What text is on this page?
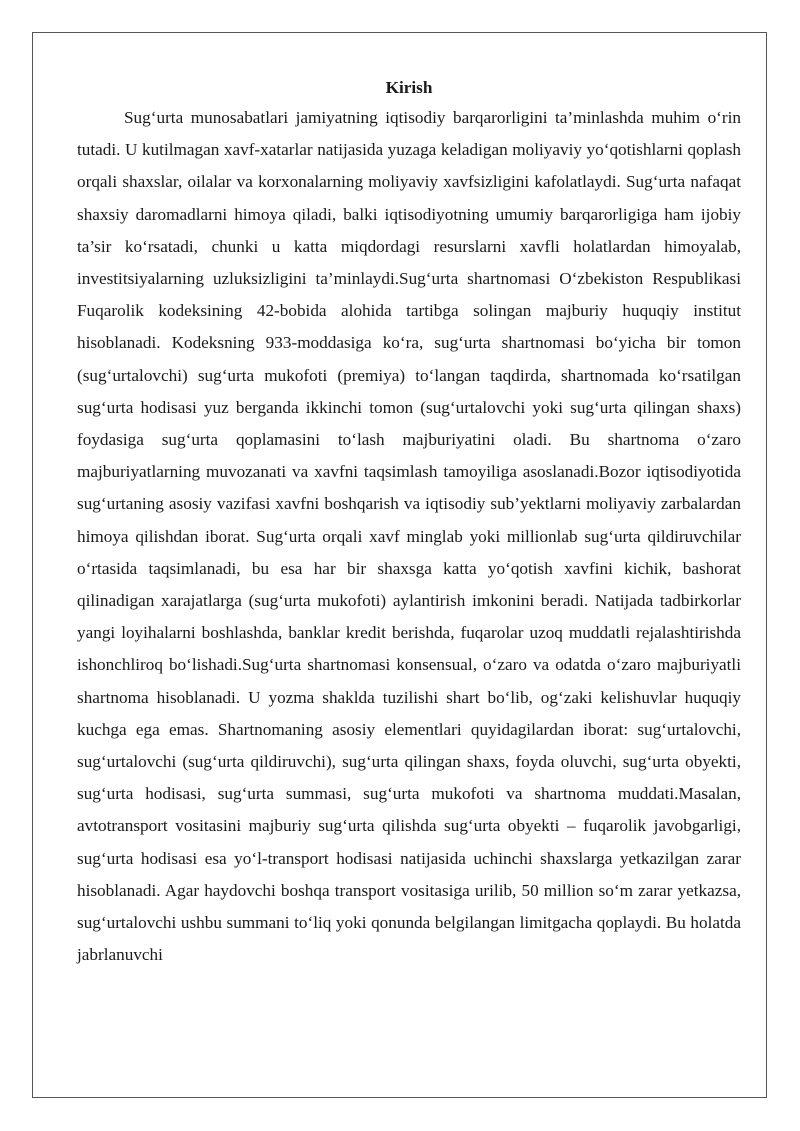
Kirish

Sug‘urta munosabatlari jamiyatning iqtisodiy barqarorligini ta’minlashda muhim o‘rin tutadi. U kutilmagan xavf-xatarlar natijasida yuzaga keladigan moliyaviy yo‘qotishlarni qoplash orqali shaxslar, oilalar va korxonalarning moliyaviy xavfsizligini kafolatlaydi. Sug‘urta nafaqat shaxsiy daromadlarni himoya qiladi, balki iqtisodiyotning umumiy barqarorligiga ham ijobiy ta’sir ko‘rsatadi, chunki u katta miqdordagi resurslarni xavfli holatlardan himoyalab, investitsiyalarning uzluksizligini ta’minlaydi.Sug‘urta shartnomasi O‘zbekiston Respublikasi Fuqarolik kodeksining 42-bobida alohida tartibga solingan majburiy huquqiy institut hisoblanadi. Kodeksning 933-moddasiga ko‘ra, sug‘urta shartnomasi bo‘yicha bir tomon (sug‘urtalovchi) sug‘urta mukofoti (premiya) to‘langan taqdirda, shartnomada ko‘rsatilgan sug‘urta hodisasi yuz berganda ikkinchi tomon (sug‘urtalovchi yoki sug‘urta qilingan shaxs) foydasiga sug‘urta qoplamasini to‘lash majburiyatini oladi. Bu shartnoma o‘zaro majburiyatlarning muvozanati va xavfni taqsimlash tamoyiliga asoslanadi.Bozor iqtisodiyotida sug‘urtaning asosiy vazifasi xavfni boshqarish va iqtisodiy sub’yektlarni moliyaviy zarbalardan himoya qilishdan iborat. Sug‘urta orqali xavf minglab yoki millionlab sug‘urta qildiruvchilar o‘rtasida taqsimlanadi, bu esa har bir shaxsga katta yo‘qotish xavfini kichik, bashorat qilinadigan xarajatlarga (sug‘urta mukofoti) aylantirish imkonini beradi. Natijada tadbirkorlar yangi loyihalarni boshlashda, banklar kredit berishda, fuqarolar uzoq muddatli rejalashtirishda ishonchliroq bo‘lishadi.Sug‘urta shartnomasi konsensual, o‘zaro va odatda o‘zaro majburiyatli shartnoma hisoblanadi. U yozma shaklda tuzilishi shart bo‘lib, og‘zaki kelishuvlar huquqiy kuchga ega emas. Shartnomaning asosiy elementlari quyidagilardan iborat: sug‘urtalovchi, sug‘urtalovchi (sug‘urta qildiruvchi), sug‘urta qilingan shaxs, foyda oluvchi, sug‘urta obyekti, sug‘urta hodisasi, sug‘urta summasi, sug‘urta mukofoti va shartnoma muddati.Masalan, avtotransport vositasini majburiy sug‘urta qilishda sug‘urta obyekti – fuqarolik javobgarligi, sug‘urta hodisasi esa yo‘l-transport hodisasi natijasida uchinchi shaxslarga yetkazilgan zarar hisoblanadi. Agar haydovchi boshqa transport vositasiga urilib, 50 million so‘m zarar yetkazsa, sug‘urtalovchi ushbu summani to‘liq yoki qonunda belgilangan limitgacha qoplaydi. Bu holatda jabrlanuvchi
